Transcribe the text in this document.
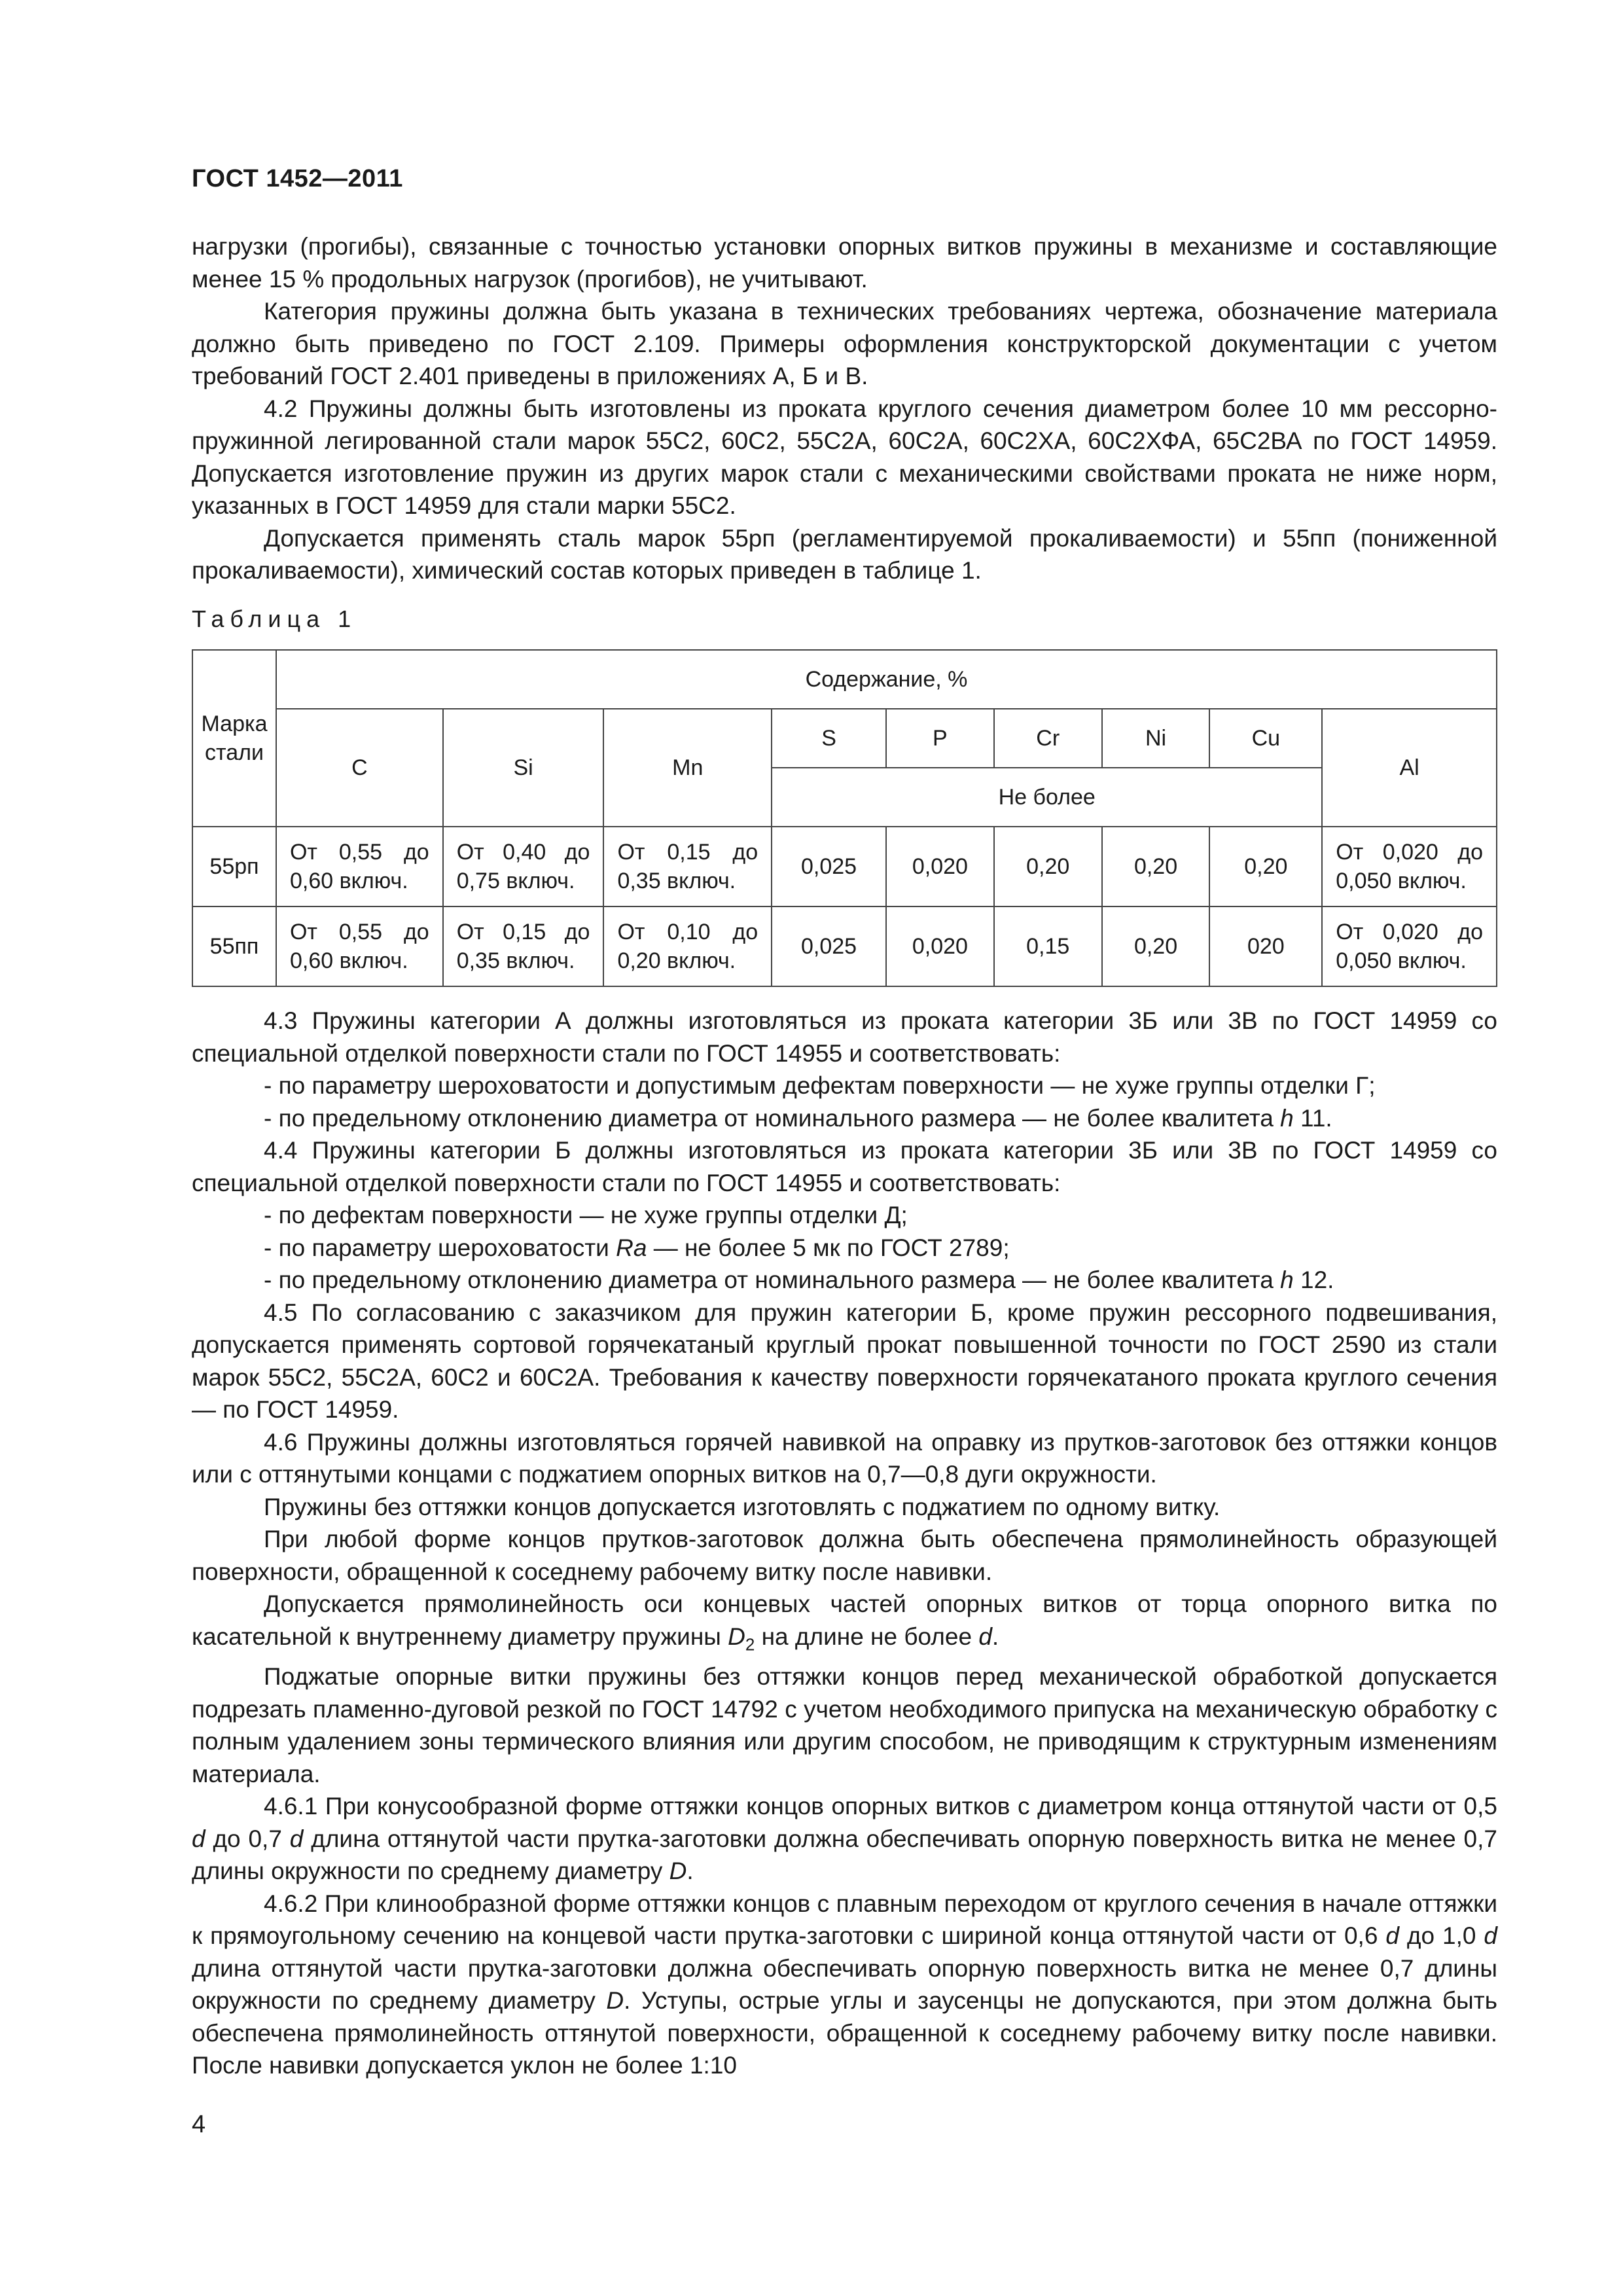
ГОСТ 1452—2011

нагрузки (прогибы), связанные с точностью установки опорных витков пружины в механизме и составляющие менее 15 % продольных нагрузок (прогибов), не учитывают.

Категория пружины должна быть указана в технических требованиях чертежа, обозначение материала должно быть приведено по ГОСТ 2.109. Примеры оформления конструкторской документации с учетом требований ГОСТ 2.401 приведены в приложениях А, Б и В.

4.2 Пружины должны быть изготовлены из проката круглого сечения диаметром более 10 мм рессорно-пружинной легированной стали марок 55С2, 60С2, 55С2А, 60С2А, 60С2ХА, 60С2ХФА, 65С2ВА по ГОСТ 14959. Допускается изготовление пружин из других марок стали с механическими свойствами проката не ниже норм, указанных в ГОСТ 14959 для стали марки 55С2.

Допускается применять сталь марок 55рп (регламентируемой прокаливаемости) и 55пп (пониженной прокаливаемости), химический состав которых приведен в таблице 1.

Таблица 1
Марка стали	Содержание, %								
	C	Si	Mn	S	P	Cr	Ni	Cu	Al
				Не более					
55рп	От 0,55 до 0,60 включ.	От 0,40 до 0,75 включ.	От 0,15 до 0,35 включ.	0,025	0,020	0,20	0,20	0,20	От 0,020 до 0,050 включ.

55пп	От 0,55 до 0,60 включ.	От 0,15 до 0,35 включ.	От 0,10 до 0,20 включ.	0,025	0,020	0,15	0,20	020	От 0,020 до 0,050 включ.

4.3 Пружины категории А должны изготовляться из проката категории 3Б или 3В по ГОСТ 14959 со специальной отделкой поверхности стали по ГОСТ 14955 и соответствовать:

- по параметру шероховатости и допустимым дефектам поверхности — не хуже группы отделки Г;

- по предельному отклонению диаметра от номинального размера — не более квалитета h 11.

4.4 Пружины категории Б должны изготовляться из проката категории 3Б или 3В по ГОСТ 14959 со специальной отделкой поверхности стали по ГОСТ 14955 и соответствовать:

- по дефектам поверхности — не хуже группы отделки Д;

- по параметру шероховатости Ra — не более 5 мк по ГОСТ 2789;

- по предельному отклонению диаметра от номинального размера — не более квалитета h 12.

4.5 По согласованию с заказчиком для пружин категории Б, кроме пружин рессорного подвешивания, допускается применять сортовой горячекатаный круглый прокат повышенной точности по ГОСТ 2590 из стали марок 55С2, 55С2А, 60С2 и 60С2А. Требования к качеству поверхности горячекатаного проката круглого сечения — по ГОСТ 14959.

4.6 Пружины должны изготовляться горячей навивкой на оправку из прутков-заготовок без оттяжки концов или с оттянутыми концами с поджатием опорных витков на 0,7—0,8 дуги окружности.

Пружины без оттяжки концов допускается изготовлять с поджатием по одному витку.

При любой форме концов прутков-заготовок должна быть обеспечена прямолинейность образующей поверхности, обращенной к соседнему рабочему витку после навивки.

Допускается прямолинейность оси концевых частей опорных витков от торца опорного витка по касательной к внутреннему диаметру пружины $D_2$ на длине не более d.

Поджатые опорные витки пружины без оттяжки концов перед механической обработкой допускается подрезать пламенно-дуговой резкой по ГОСТ 14792 с учетом необходимого припуска на механическую обработку с полным удалением зоны термического влияния или другим способом, не приводящим к структурным изменениям материала.

4.6.1 При конусообразной форме оттяжки концов опорных витков с диаметром конца оттянутой части от 0,5 d до 0,7 d длина оттянутой части прутка-заготовки должна обеспечивать опорную поверхность витка не менее 0,7 длины окружности по среднему диаметру D.

4.6.2 При клинообразной форме оттяжки концов с плавным переходом от круглого сечения в начале оттяжки к прямоугольному сечению на концевой части прутка-заготовки с шириной конца оттянутой части от 0,6 d до 1,0 d длина оттянутой части прутка-заготовки должна обеспечивать опорную поверхность витка не менее 0,7 длины окружности по среднему диаметру D. Уступы, острые углы и заусенцы не допускаются, при этом должна быть обеспечена прямолинейность оттянутой поверхности, обращенной к соседнему рабочему витку после навивки. После навивки допускается уклон не более 1:10

4
